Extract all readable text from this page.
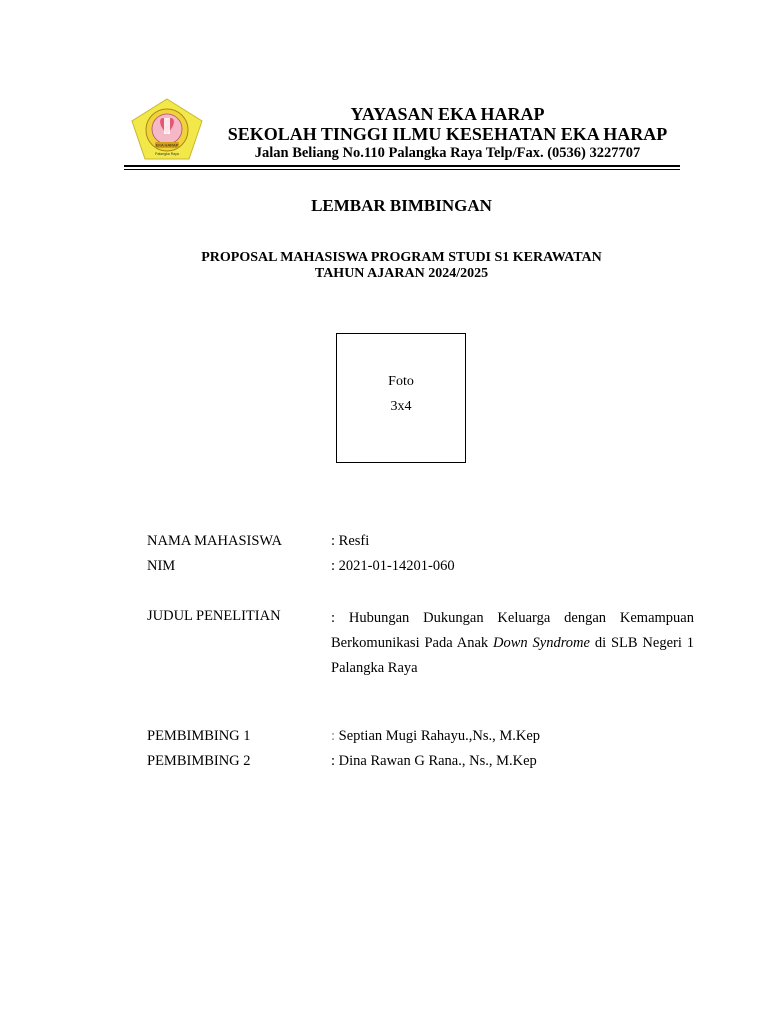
EKA HARAP
Palangka Raya
YAYASAN EKA HARAP
SEKOLAH TINGGI ILMU KESEHATAN EKA HARAP
Jalan Beliang No.110 Palangka Raya Telp/Fax. (0536) 3227707
LEMBAR BIMBINGAN
PROPOSAL MAHASISWA PROGRAM STUDI S1 KERAWATAN
TAHUN AJARAN 2024/2025
Foto
3x4
NAMA MAHASISWA	: Resfi
NIM	: 2021-01-14201-060
JUDUL PENELITIAN	: Hubungan Dukungan Keluarga dengan Kemampuan Berkomunikasi Pada Anak Down Syndrome di SLB Negeri 1 Palangka Raya
PEMBIMBING 1	: Septian Mugi Rahayu.,Ns., M.Kep
PEMBIMBING 2	: Dina Rawan G Rana., Ns., M.Kep
